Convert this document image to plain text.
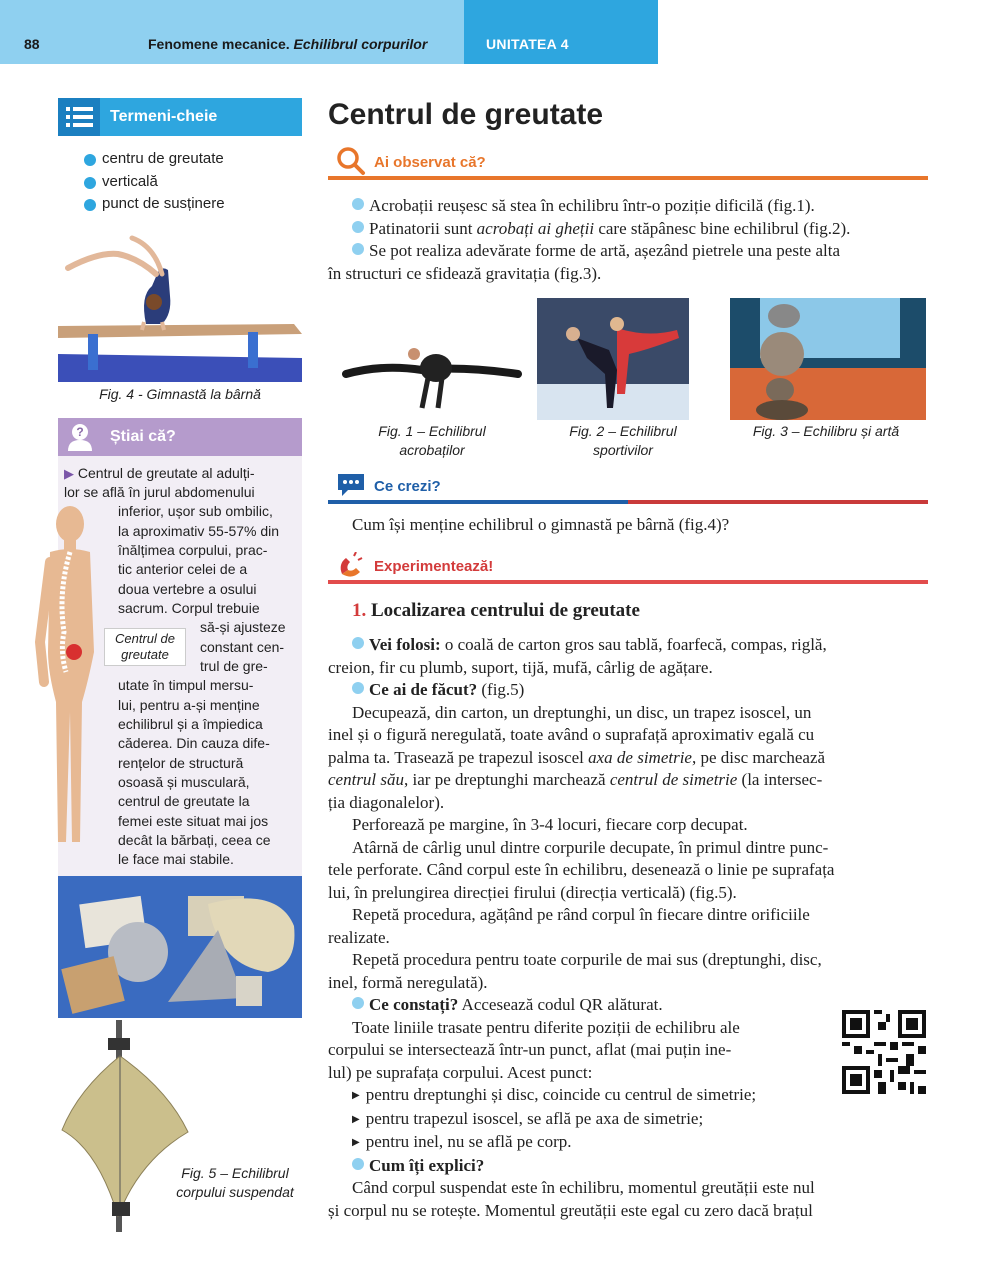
88	Fenomene mecanice. Echilibrul corpurilor	UNITATEA 4
Termeni-cheie
centru de greutate
verticală
punct de susținere
Fig. 4 - Gimnastă la bârnă
? Știai că?
Centrul de greutate
▶ Centrul de greutate al adulți-
lor se află în jurul abdomenului
inferior, ușor sub ombilic,
la aproximativ 55-57% din
înălțimea corpului, prac-
tic anterior celei de a
doua vertebre a osului
sacrum. Corpul trebuie
să-și ajusteze
constant cen-
trul de gre-
utate în timpul mersu-
lui, pentru a-și menține
echilibrul și a împiedica
căderea. Din cauza dife-
rențelor de structură
osoasă și musculară,
centrul de greutate la
femei este situat mai jos
decât la bărbați, ceea ce
le face mai stabile.
Fig. 5 – Echilibrul corpului suspendat
Centrul de greutate
Ai observat că?
Acrobații reușesc să stea în echilibru într-o poziție dificilă (fig.1).
Patinatorii sunt acrobați ai gheții care stăpânesc bine echilibrul (fig.2).
Se pot realiza adevărate forme de artă, așezând pietrele una peste alta
în structuri ce sfidează gravitația (fig.3).
Fig. 1 – Echilibrul acrobaților
Fig. 2 – Echilibrul sportivilor
Fig. 3 – Echilibru și artă
Ce crezi?
Cum își menține echilibrul o gimnastă pe bârnă (fig.4)?
Experimentează!
1. Localizarea centrului de greutate
Vei folosi: o coală de carton gros sau tablă, foarfecă, compas, riglă,
creion, fir cu plumb, suport, tijă, mufă, cârlig de agățare.
Ce ai de făcut? (fig.5)
Decupează, din carton, un dreptunghi, un disc, un trapez isoscel, un
inel și o figură neregulată, toate având o suprafață aproximativ egală cu
palma ta. Trasează pe trapezul isoscel axa de simetrie, pe disc marchează
centrul său, iar pe dreptunghi marchează centrul de simetrie (la intersec-
ția diagonalelor).
Perforează pe margine, în 3-4 locuri, fiecare corp decupat.
Atârnă de cârlig unul dintre corpurile decupate, în primul dintre punc-
tele perforate. Când corpul este în echilibru, desenează o linie pe suprafața
lui, în prelungirea direcției firului (direcția verticală) (fig.5).
Repetă procedura, agățând pe rând corpul în fiecare dintre orificiile
realizate.
Repetă procedura pentru toate corpurile de mai sus (dreptunghi, disc,
inel, formă neregulată).
Ce constați? Accesează codul QR alăturat.
Toate liniile trasate pentru diferite poziții de echilibru ale
corpului se intersectează într-un punct, aflat (mai puțin ine-
lul) pe suprafața corpului. Acest punct:
▶ pentru dreptunghi și disc, coincide cu centrul de simetrie;
▶ pentru trapezul isoscel, se află pe axa de simetrie;
▶ pentru inel, nu se află pe corp.
Cum îți explici?
Când corpul suspendat este în echilibru, momentul greutății este nul
și corpul nu se rotește. Momentul greutății este egal cu zero dacă brațul
